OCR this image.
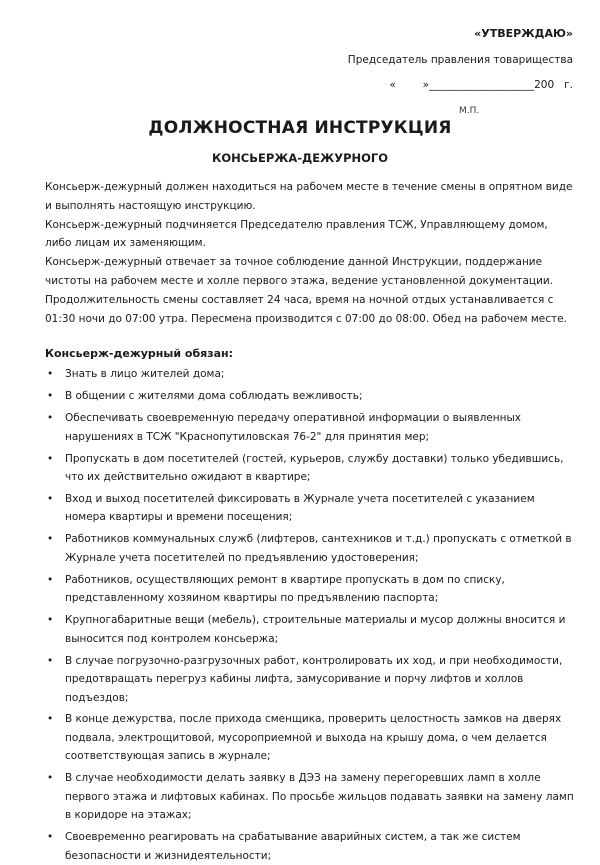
«УТВЕРЖДАЮ»
Председатель правления товарищества
«        »____________________200   г.
М.П.
ДОЛЖНОСТНАЯ ИНСТРУКЦИЯ
КОНСЬЕРЖА-ДЕЖУРНОГО

Консьерж-дежурный должен находиться на рабочем месте в течение смены в опрятном виде и выполнять настоящую инструкцию.

Консьерж-дежурный подчиняется Председателю правления ТСЖ, Управляющему домом, либо лицам их заменяющим.

Консьерж-дежурный отвечает за точное соблюдение данной Инструкции, поддержание чистоты на рабочем месте и холле первого этажа, ведение установленной документации.

Продолжительность смены составляет 24 часа, время на ночной отдых устанавливается с 01:30 ночи до 07:00 утра. Пересмена производится с 07:00 до 08:00. Обед на рабочем месте.

Консьерж-дежурный обязан:
• Знать в лицо жителей дома;
• В общении с жителями дома соблюдать вежливость;
• Обеспечивать своевременную передачу оперативной информации о выявленных нарушениях в ТСЖ "Краснопутиловская 76-2" для принятия мер;
• Пропускать в дом посетителей (гостей, курьеров, службу доставки) только убедившись, что их действительно ожидают в квартире;
• Вход и выход посетителей фиксировать в Журнале учета посетителей с указанием номера квартиры и времени посещения;
• Работников коммунальных служб (лифтеров, сантехников и т.д.) пропускать с отметкой в Журнале учета посетителей по предъявлению удостоверения;
• Работников, осуществляющих ремонт в квартире пропускать в дом по списку, представленному хозяином квартиры по предъявлению паспорта;
• Крупногабаритные вещи (мебель), строительные материалы и мусор должны вносится и выносится под контролем консьержа;
• В случае погрузочно-разгрузочных работ, контролировать их ход, и при необходимости, предотвращать перегруз кабины лифта, замусоривание и порчу лифтов и холлов подъездов;
• В конце дежурства, после прихода сменщика, проверить целостность замков на дверях подвала, электрощитовой, мусороприемной и выхода на крышу дома, о чем делается соответствующая запись в журнале;
• В случае необходимости делать заявку в ДЭЗ на замену перегоревших ламп в холле первого этажа и лифтовых кабинах. По просьбе жильцов подавать заявки на замену ламп в коридоре на этажах;
• Своевременно реагировать на срабатывание аварийных систем, а так же систем безопасности и жизнидеятельности;
